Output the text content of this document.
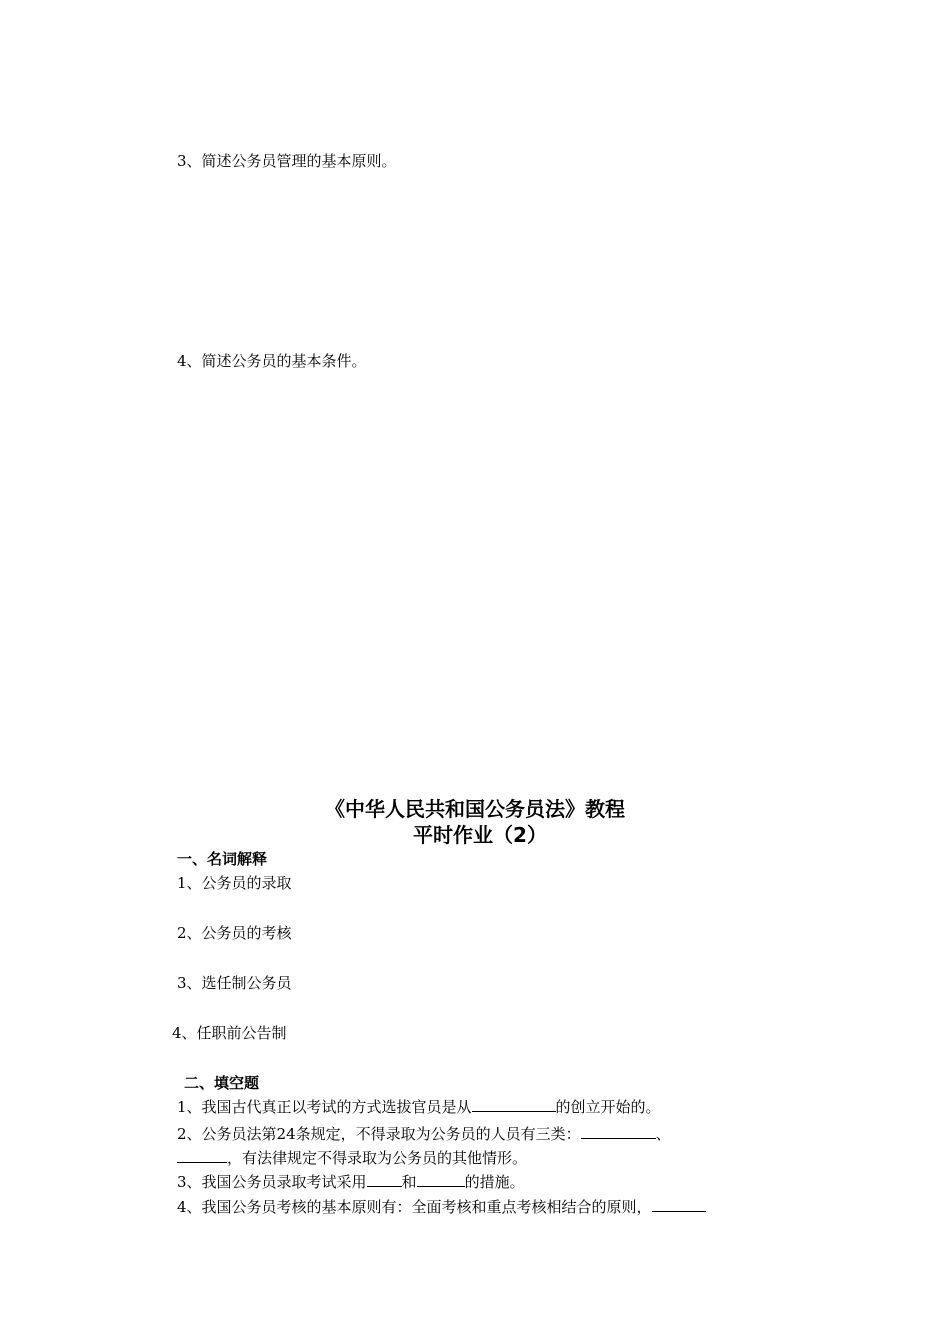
3、简述公务员管理的基本原则。
4、简述公务员的基本条件。
《中华人民共和国公务员法》教程
平时作业（2）
一、名词解释
1、公务员的录取
2、公务员的考核
3、选任制公务员
4、任职前公告制
二、填空题
1、我国古代真正以考试的方式选拔官员是从	的创立开始的。
2、公务员法第24条规定，不得录取为公务员的人员有三类：	、
，有法律规定不得录取为公务员的其他情形。
3、我国公务员录取考试采用 和	的措施。
4、我国公务员考核的基本原则有：全面考核和重点考核相结合的原则，
